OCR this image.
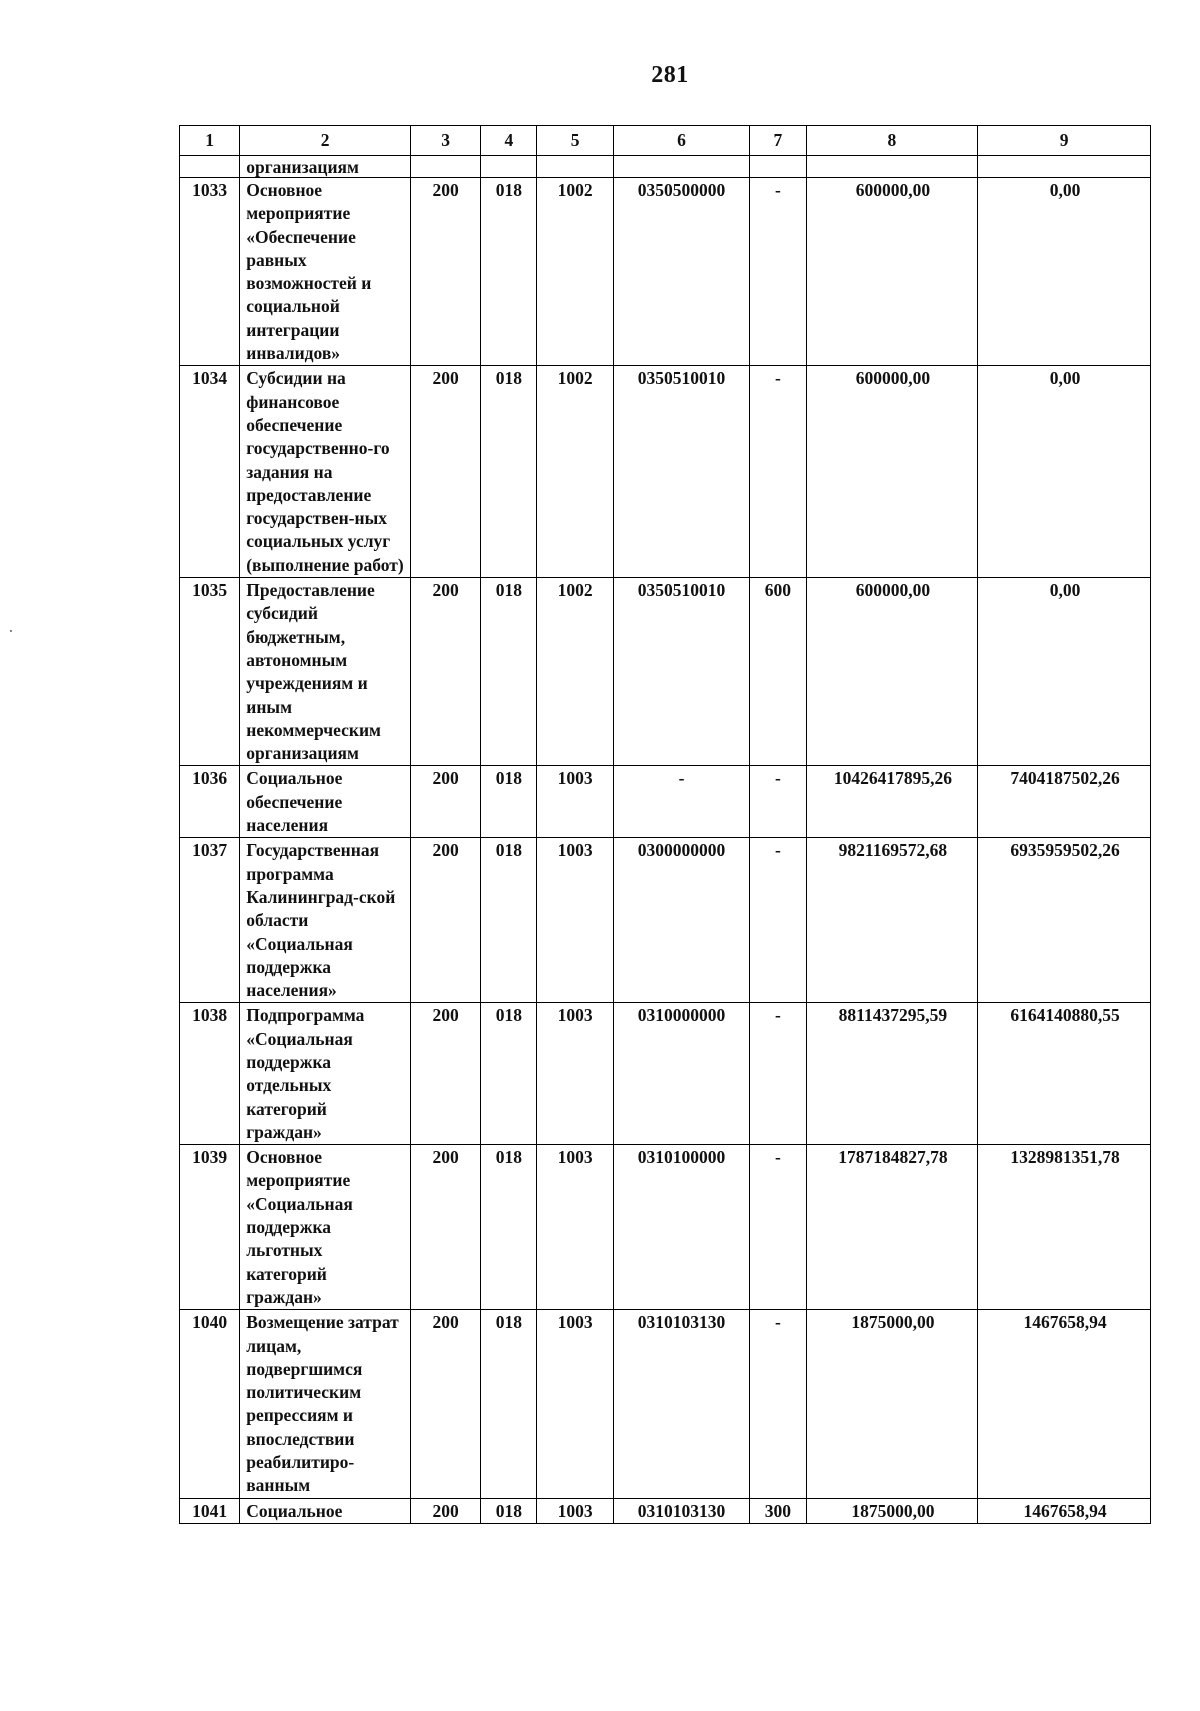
281
1	2	3	4	5	6	7	8	9
	организациям							
1033	Основное мероприятие «Обеспечение равных возможностей и социальной интеграции инвалидов»	200	018	1002	0350500000	-	600000,00	0,00
1034	Субсидии на финансовое обеспечение государственно-го задания на предоставление государствен-ных социальных услуг (выполнение работ)	200	018	1002	0350510010	-	600000,00	0,00
1035	Предоставление субсидий бюджетным, автономным учреждениям и иным некоммерческим организациям	200	018	1002	0350510010	600	600000,00	0,00
1036	Социальное обеспечение населения	200	018	1003	-	-	10426417895,26	7404187502,26
1037	Государственная программа Калининград-ской области «Социальная поддержка населения»	200	018	1003	0300000000	-	9821169572,68	6935959502,26
1038	Подпрограмма «Социальная поддержка отдельных категорий граждан»	200	018	1003	0310000000	-	8811437295,59	6164140880,55
1039	Основное мероприятие «Социальная поддержка льготных категорий граждан»	200	018	1003	0310100000	-	1787184827,78	1328981351,78
1040	Возмещение затрат лицам, подвергшимся политическим репрессиям и впоследствии реабилитиро-ванным	200	018	1003	0310103130	-	1875000,00	1467658,94
1041	Социальное	200	018	1003	0310103130	300	1875000,00	1467658,94
